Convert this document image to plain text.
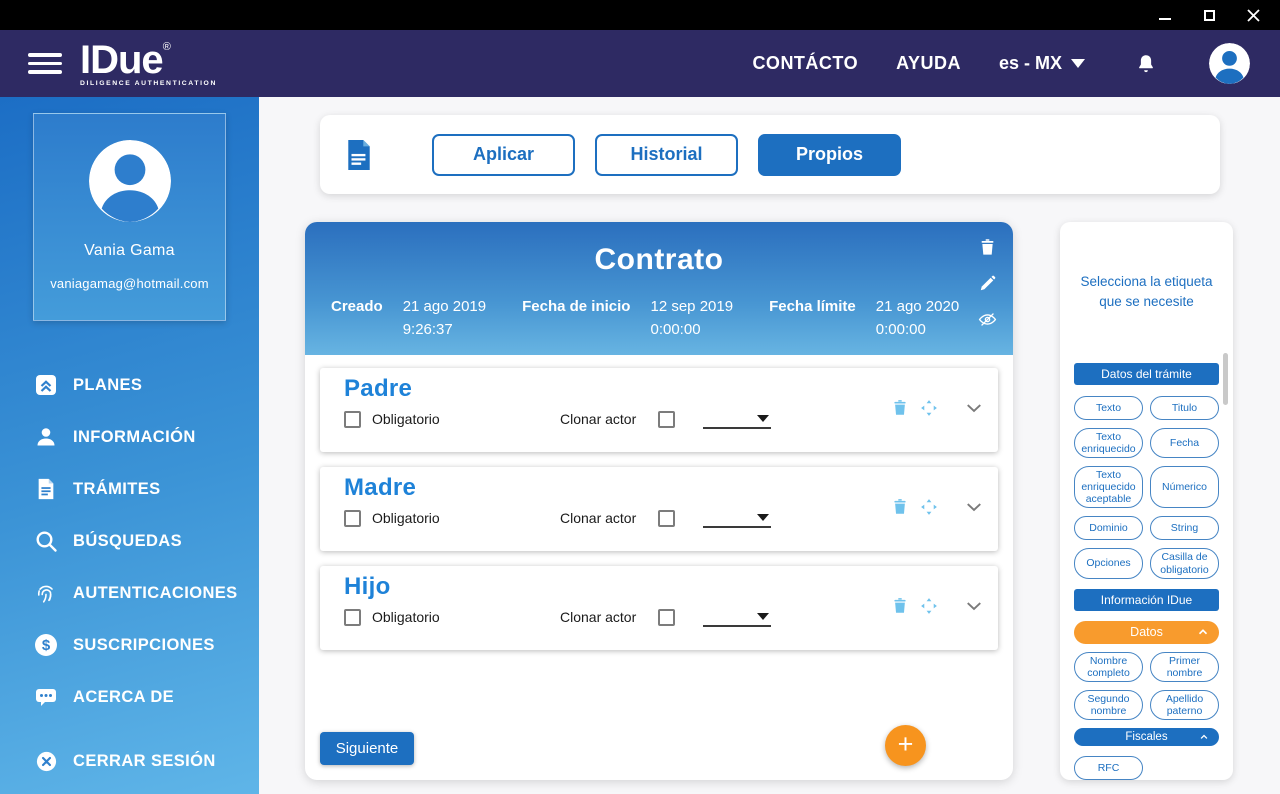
IDue®
DILIGENCE AUTHENTICATION
CONTÁCTO AYUDA es - MX
Vania Gama
vaniagamag@hotmail.com
PLANES
INFORMACIÓN
TRÁMITES
BÚSQUEDAS
AUTENTICACIONES
$	SUSCRIPCIONES
ACERCA DE
CERRAR SESIÓN
Aplicar	Historial	Propios
Contrato
Creado 21 ago 2019
9:26:37
Fecha de inicio 12 sep 2019
0:00:00
Fecha límite 21 ago 2020
0:00:00
Padre
Obligatorio	Clonar actor
Madre
Obligatorio	Clonar actor
Hijo
Obligatorio	Clonar actor
Siguiente	+
Selecciona la etiqueta que se necesite
Datos del trámite
Texto	Titulo
Texto enriquecido
Fecha
Texto enriquecido aceptable
Númerico
Dominio	String
Opciones
Casilla de obligatorio
Información IDue
Datos
Nombre completo
Primer nombre
Segundo nombre
Apellido paterno
Fiscales
RFC
